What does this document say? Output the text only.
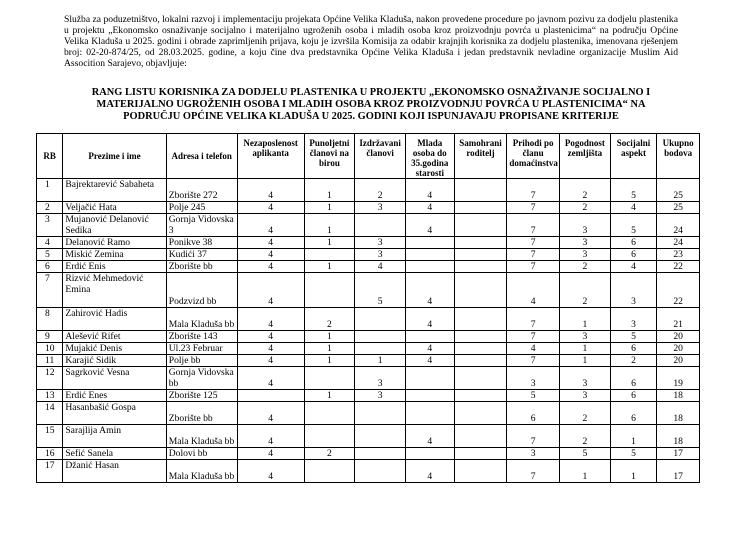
Služba za poduzetništvo, lokalni razvoj i implementaciju projekata Općine Velika Kladuša, nakon provedene procedure po javnom pozivu za dodjelu plastenika u projektu „Ekonomsko osnaživanje socijalno i materijalno ugroženih osoba i mladih osoba kroz proizvodnju povrća u plastenicima“ na području Općine Velika Kladuša u 2025. godini i obrade zaprimljenih prijava, koju je izvršila Komisija za odabir krajnjih korisnika za dodjelu plastenika, imenovana rješenjem broj: 02-20-874/25, od 28.03.2025. godine, a koju čine dva predstavnika Općine Velika Kladuša i jedan predstavnik nevladine organizacije Muslim Aid Assocition Sarajevo, objavljuje:
RANG LISTU KORISNIKA ZA DODJELU PLASTENIKA U PROJEKTU „EKONOMSKO OSNAŽIVANJE SOCIJALNO I MATERIJALNO UGROŽENIH OSOBA I MLADIH OSOBA KROZ PROIZVODNJU POVRĆA U PLASTENICIMA“ NA PODRUČJU OPĆINE VELIKA KLADUŠA U 2025. GODINI KOJI ISPUNJAVAJU PROPISANE KRITERIJE
RB	Prezime i ime	Adresa i telefon	Nezaposlenost aplikanta	Punoljetni članovi na birou	Izdržavani članovi	Mlada osoba do 35.godina starosti	Samohrani roditelj	Prihodi po članu domaćinstva	Pogodnost zemljišta	Socijalni aspekt	Ukupno bodova
1	Bajrektarević Sabaheta	Zborište 272	4	1	2	4		7	2	5	25
2	Veljačić Hata	Polje 245	4	1	3	4		7	2	4	25
3	Mujanović Delanović Sedika	Gornja Vidovska 3	4	1		4		7	3	5	24
4	Delanović Ramo	Ponikve 38	4	1	3			7	3	6	24
5	Miskić Zemina	Kudići 37	4		3			7	3	6	23
6	Erdić Enis	Zborište bb	4	1	4			7	2	4	22
7	Rizvić Mehmedović Emina	Podzvizd bb	4		5	4		4	2	3	22
8	Zahirović Hadis	Mala Kladuša bb	4	2		4		7	1	3	21
9	Alešević Rifet	Zborište 143	4	1				7	3	5	20
10	Mujakić Denis	Ul.23 Februar	4	1		4		4	1	6	20
11	Karajić Sidik	Polje bb	4	1	1	4		7	1	2	20
12	Sagrković Vesna	Gornja Vidovska bb	4		3			3	3	6	19
13	Erdić Enes	Zborište 125		1	3			5	3	6	18
14	Hasanbašić Gospa	Zborište bb	4					6	2	6	18
15	Sarajlija Amin	Mala Kladuša bb	4			4		7	2	1	18
16	Sefić Sanela	Dolovi bb	4	2				3	5	5	17
17	Džanić Hasan	Mala Kladuša bb	4			4		7	1	1	17
